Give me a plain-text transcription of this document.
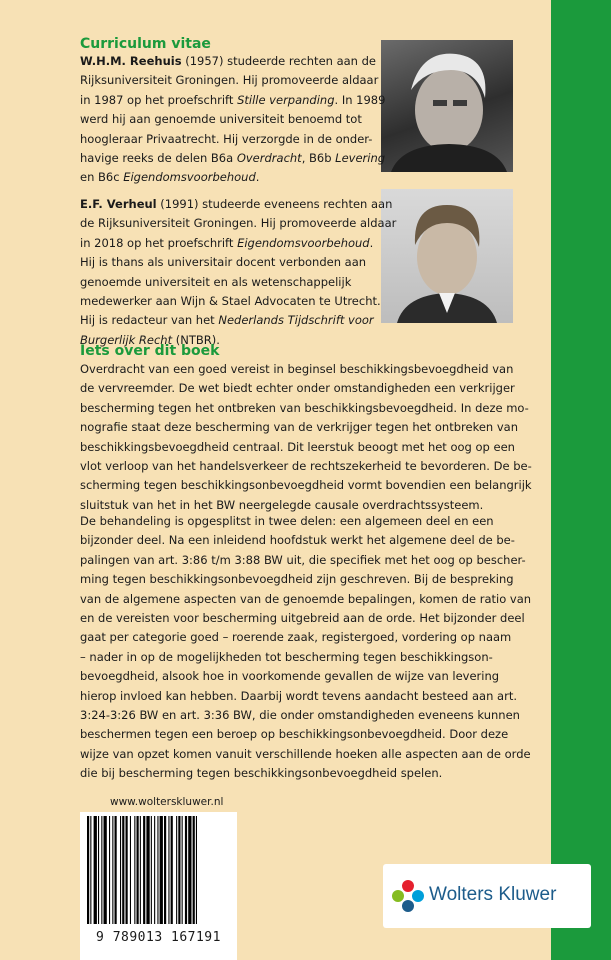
Curriculum vitae
W.H.M. Reehuis (1957) studeerde rechten aan de
Rijksuniversiteit Groningen. Hij promoveerde aldaar
in 1987 op het proefschrift Stille verpanding. In 1989
werd hij aan genoemde universiteit benoemd tot
hoogleraar Privaatrecht. Hij verzorgde in de onder-
havige reeks de delen B6a Overdracht, B6b Levering
en B6c Eigendomsvoorbehoud.
E.F. Verheul (1991) studeerde eveneens rechten aan
de Rijksuniversiteit Groningen. Hij promoveerde aldaar
in 2018 op het proefschrift Eigendomsvoorbehoud.
Hij is thans als universitair docent verbonden aan
genoemde universiteit en als wetenschappelijk
medewerker aan Wijn & Stael Advocaten te Utrecht.
Hij is redacteur van het Nederlands Tijdschrift voor
Burgerlijk Recht (NTBR).
Iets over dit boek
Overdracht van een goed vereist in beginsel beschikkingsbevoegdheid van
de vervreemder. De wet biedt echter onder omstandigheden een verkrijger
bescherming tegen het ontbreken van beschikkingsbevoegdheid. In deze mo-
nografie staat deze bescherming van de verkrijger tegen het ontbreken van
beschikkingsbevoegdheid centraal. Dit leerstuk beoogt met het oog op een
vlot verloop van het handelsverkeer de rechtszekerheid te bevorderen. De be-
scherming tegen beschikkingsonbevoegdheid vormt bovendien een belangrijk
sluitstuk van het in het BW neergelegde causale overdrachtssysteem.
De behandeling is opgesplitst in twee delen: een algemeen deel en een
bijzonder deel. Na een inleidend hoofdstuk werkt het algemene deel de be-
palingen van art. 3:86 t/m 3:88 BW uit, die specifiek met het oog op bescher-
ming tegen beschikkingsonbevoegdheid zijn geschreven. Bij de bespreking
van de algemene aspecten van de genoemde bepalingen, komen de ratio van
en de vereisten voor bescherming uitgebreid aan de orde. Het bijzonder deel
gaat per categorie goed – roerende zaak, registergoed, vordering op naam
– nader in op de mogelijkheden tot bescherming tegen beschikkingson-
bevoegdheid, alsook hoe in voorkomende gevallen de wijze van levering
hierop invloed kan hebben. Daarbij wordt tevens aandacht besteed aan art.
3:24-3:26 BW en art. 3:36 BW, die onder omstandigheden eveneens kunnen
beschermen tegen een beroep op beschikkingsonbevoegdheid. Door deze
wijze van opzet komen vanuit verschillende hoeken alle aspecten aan de orde
die bij bescherming tegen beschikkingsonbevoegdheid spelen.

www.wolterskluwer.nl

9 789013 167191
Wolters Kluwer
